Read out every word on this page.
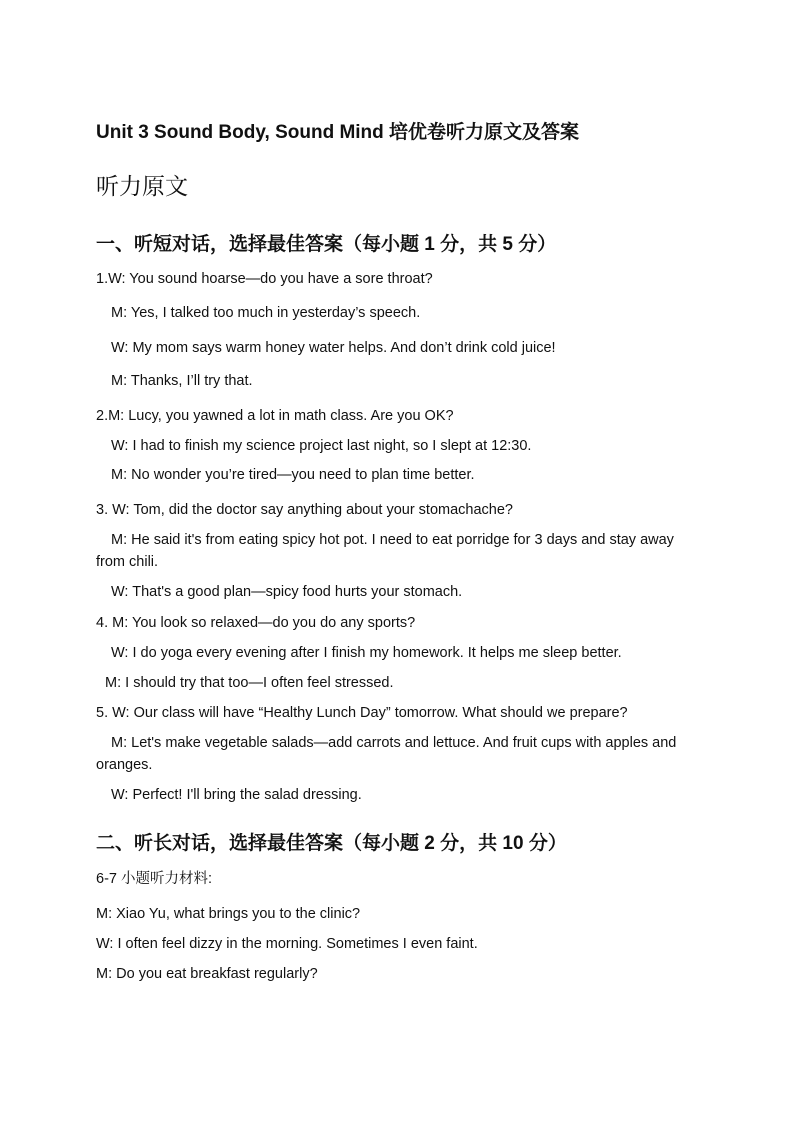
Unit 3 Sound Body, Sound Mind 培优卷听力原文及答案
听力原文
一、听短对话，选择最佳答案（每小题 1 分，共 5 分）
1.W: You sound hoarse—do you have a sore throat?
M: Yes, I talked too much in yesterday’s speech.
W: My mom says warm honey water helps. And don’t drink cold juice!
M: Thanks, I’ll try that.
2.M: Lucy, you yawned a lot in math class. Are you OK?
W: I had to finish my science project last night, so I slept at 12:30.
M: No wonder you’re tired—you need to plan time better.
3. W: Tom, did the doctor say anything about your stomachache?
M: He said it's from eating spicy hot pot. I need to eat porridge for 3 days and stay away from chili.
W: That's a good plan—spicy food hurts your stomach.
4. M: You look so relaxed—do you do any sports?
W: I do yoga every evening after I finish my homework. It helps me sleep better.
M: I should try that too—I often feel stressed.
5. W: Our class will have “Healthy Lunch Day” tomorrow. What should we prepare?
M: Let's make vegetable salads—add carrots and lettuce. And fruit cups with apples and oranges.
W: Perfect! I'll bring the salad dressing.
二、听长对话，选择最佳答案（每小题 2 分，共 10 分）
6-7 小题听力材料:
M: Xiao Yu, what brings you to the clinic?
W: I often feel dizzy in the morning. Sometimes I even faint.
M: Do you eat breakfast regularly?
